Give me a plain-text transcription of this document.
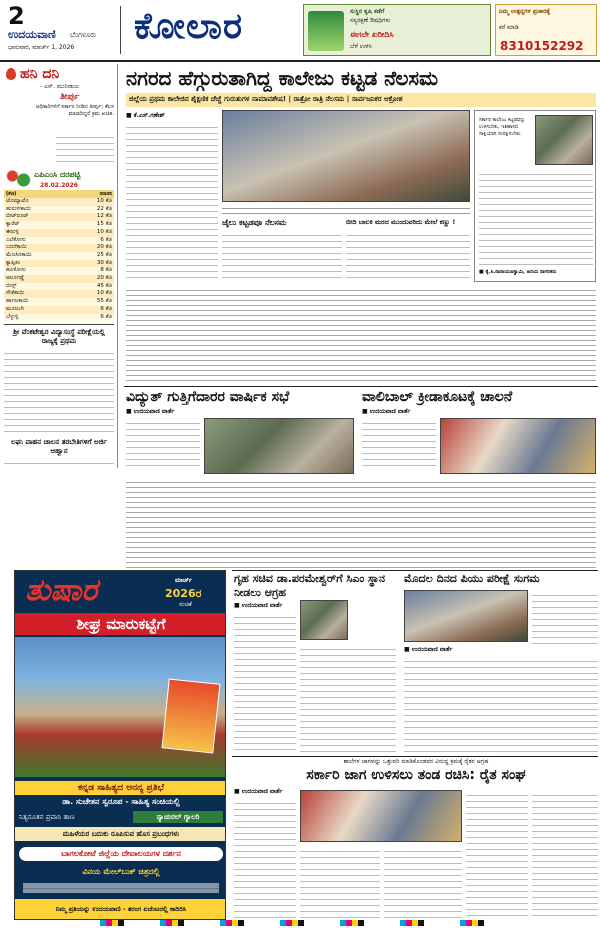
2
ಉದಯವಾಣಿ ಬೆಂಗಳೂರು
ಭಾನುವಾರ, ಮಾರ್ಚ್ 1, 2026
ಕೋಲಾರ	ಸುಸ್ಥಿರ ಕೃಷಿ ಕಡೆಗೆ
ಸಸ್ಯರಕ್ಷಣೆ ಔಷಧಿಗಳು
ಈಗಲೇ ಖರೀದಿಸಿ
ಬೆಳೆ ಉಳಿಸಿ
ನಿಮ್ಮ ಉತ್ಪನ್ನಗಳ ಪ್ರಚಾರಕ್ಕೆ
ಕರೆ ಮಾಡಿ
8310152292
ಹನಿ ದನಿ
- ಎಸ್. ಮುನಿರಾಜು
ತೀರ್ಪು
ಅಧಿಕಾರಿಗಳಿಗೆ ಸರ್ಕಾರ ನೀಡಿದ ತೀರ್ಪು; ಕೆಲಸ ಮಾಡದಿದ್ದರೆ ಕ್ರಮ ಖಚಿತ.
ಎಪಿಎಂಸಿ ದರಪಟ್ಟಿ
28.02.2026
(ಕೆಜಿ)	ಸರಾಸರಿ
ಟೊಮ್ಯಾಟೊ	10 ಕೆಜಿ
ಹುರುಳೀಕಾಯಿ	22 ಕೆಜಿ
ಬೀಟ್‌ರೂಟ್	12 ಕೆಜಿ
ಕ್ಯಾರೆಟ್	15 ಕೆಜಿ
ಈರುಳ್ಳಿ	10 ಕೆಜಿ
ಎಲೆಕೋಸು	6 ಕೆಜಿ
ಬದನೆಕಾಯಿ	20 ಕೆಜಿ
ಮೆಣಸಿನಕಾಯಿ	25 ಕೆಜಿ
ಕ್ಯಾಪ್ಸಿಕಂ	30 ಕೆಜಿ
ಹೂಕೋಸು	8 ಕೆಜಿ
ಆಲೂಗಡ್ಡೆ	20 ಕೆಜಿ
ಬೀನ್ಸ್	45 ಕೆಜಿ
ಸೌತೆಕಾಯಿ	10 ಕೆಜಿ
ಹಾಗಲಕಾಯಿ	55 ಕೆಜಿ
ಮೂಲಂಗಿ	6 ಕೆಜಿ
ಬೆಳ್ಳುಳ್ಳಿ	6 ಕೆಜಿ
ಶ್ರೀ ವೆಂಕಟೇಶ್ವರ ವಿದ್ಯಾಸಂಸ್ಥೆ ಪರೀಕ್ಷೆಯಲ್ಲಿ ರಾಜ್ಯಕ್ಕೆ ಪ್ರಥಮ
ಲಘು ವಾಹನ ಚಾಲನ ತರಬೇತಿಗಳಿಗೆ ಅರ್ಜಿ ಆಹ್ವಾನ
ನಗರದ ಹೆಗ್ಗುರುತಾಗಿದ್ದ ಕಾಲೇಜು ಕಟ್ಟಡ ನೆಲಸಮ
ಜಿಲ್ಲೆಯ ಪ್ರಥಮ ಕಾಲೇಜಿನ ಶೈಕ್ಷಣಿಕ ಚೆಚ್ಚೆ ಗುರುತುಗಳ ನಾಮಾವಶೇಷ! | ರಾತ್ರೋ ರಾತ್ರಿ ನೆಲಸಮ | ಸಾರ್ವಜನಿಕರ ಆಕ್ರೋಶ
■ ಕೆ.ಎಸ್.ಗಣೇಶ್
ಸರ್ಕಾರಿ ಕಾಲೇಜು ಕಟ್ಟಡವನ್ನು ಉಳಿಸಬೇಕು, ಇತಿಹಾಸದ ಸಾಕ್ಷಿಯಾಗಿ ಸಂರಕ್ಷಿಸಬೇಕು.
■ ಕೈ.ಸಿ.ನಾರಾಯಣಸ್ವಾಮಿ, ಹಿರಿಯ ನಾಗರಿಕರು
ಜೈಲು ಕಟ್ಟಡವೂ ನೆಲಸಮ	ಬೀದಿ ಬಾಲಕಿ ಮರದ ಮುಂದುವರಿದು ಮೇಲೆ ಕಣ್ಣು !
ವಿದ್ಯುತ್ ಗುತ್ತಿಗೆದಾರರ ವಾರ್ಷಿಕ ಸಭೆ
■ ಉದಯವಾಣಿ ವಾರ್ತೆ
ವಾಲಿಬಾಲ್ ಕ್ರೀಡಾಕೂಟಕ್ಕೆ ಚಾಲನೆ
■ ಉದಯವಾಣಿ ವಾರ್ತೆ
ತುಷಾರ	ಮಾರ್ಚ್
2026ರ
ಸಂಚಿಕೆ
ಶೀಘ್ರ ಮಾರುಕಟ್ಟೆಗೆ
ಕನ್ನಡ ಸಾಹಿತ್ಯದ ಅನನ್ಯ ಪ್ರತಿಭೆ
ಡಾ. ಸುಚೇತನ ಸ್ವರೂಪ - ಸಾಹಿತ್ಯ ಸಂಚಿಯಲ್ಲಿ
ನಿತ್ಯನೂತನ ಪ್ರವಾಸಿ ತಾಣ	ನ್ಯಾಚುರಲ್ ಗ್ಯಾಲರಿ
ಮಹಿಳೆಯರ ಬದುಕು ರೂಪಿಸುವ ಹೊಸ ಪ್ರಬಂಧಗಳು
ಬಾಗಲಕೋಟೆ ಜಿಲ್ಲೆಯ ದೇವಾಲಯಗಳ ದರ್ಶನ
ವಿನಯ ಮೇಲ್‌ಬುಕ್ ಚಿತ್ರದಲ್ಲಿ
ನಿಮ್ಮ ಪ್ರತಿಯನ್ನು ಉದಯವಾಣಿ - ತರಂಗ ಏಜೆಂಟರಲ್ಲಿ ಕಾದಿರಿಸಿ
ಗೃಹ ಸಚಿವ ಡಾ.ಪರಮೇಶ್ವರ್‌ಗೆ ಸಿಎಂ ಸ್ಥಾನ ನೀಡಲು ಆಗ್ರಹ
■ ಉದಯವಾಣಿ ವಾರ್ತೆ
ಮೊದಲ ದಿನದ ಪಿಯು ಪರೀಕ್ಷೆ ಸುಗಮ
■ ಉದಯವಾಣಿ ವಾರ್ತೆ
ಶಾಲೆಗಳ ಜಾಗವನ್ನು ಒತ್ತುವರಿ ಮಾಡಿಕೊಂಡವರ ವಿರುದ್ಧ ಕ್ರಮಕ್ಕೆ ರೈತರ ಆಗ್ರಹ
ಸರ್ಕಾರಿ ಜಾಗ ಉಳಿಸಲು ತಂಡ ರಚಿಸಿ: ರೈತ ಸಂಘ
■ ಉದಯವಾಣಿ ವಾರ್ತೆ
